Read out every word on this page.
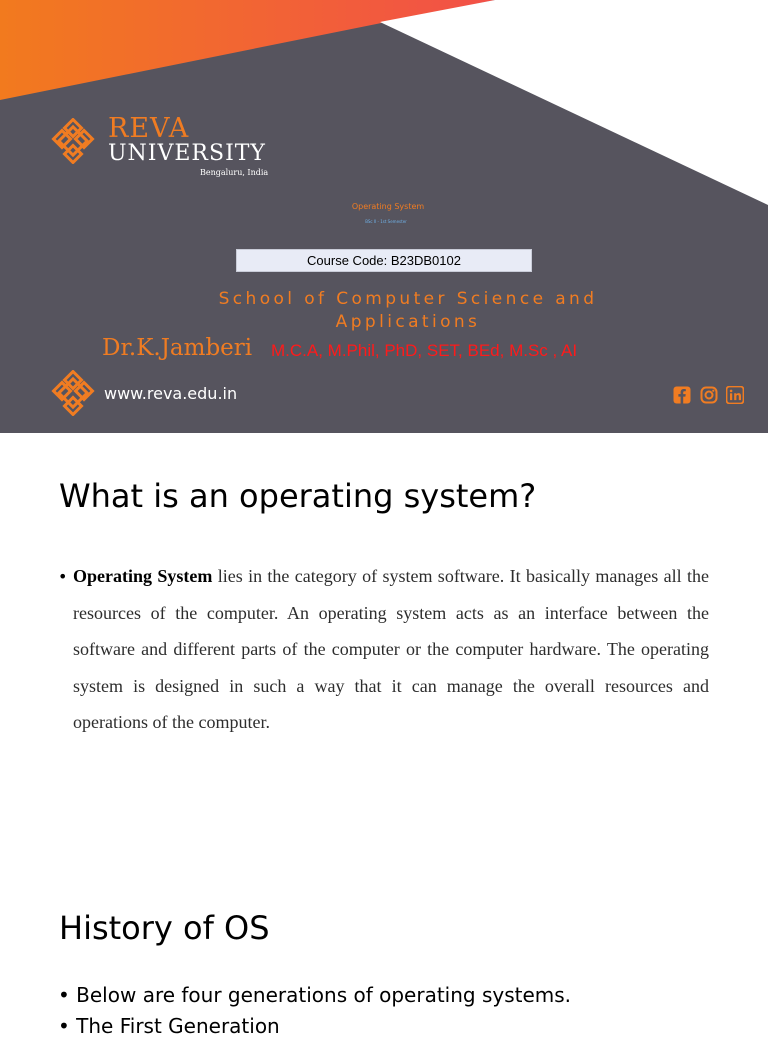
REVA
UNIVERSITY
Bengaluru, India
Operating System
BSc II - 1st Semester
Course Code: B23DB0102
School of Computer Science and Applications
Dr.K.Jamberi M.C.A, M.Phil, PhD, SET, BEd, M.Sc , AI
www.reva.edu.in
What is an operating system?
• Operating System lies in the category of system software. It basically manages all the resources of the computer. An operating system acts as an interface between the software and different parts of the computer or the computer hardware. The operating system is designed in such a way that it can manage the overall resources and operations of the computer.

History of OS
• Below are four generations of operating systems.
• The First Generation
